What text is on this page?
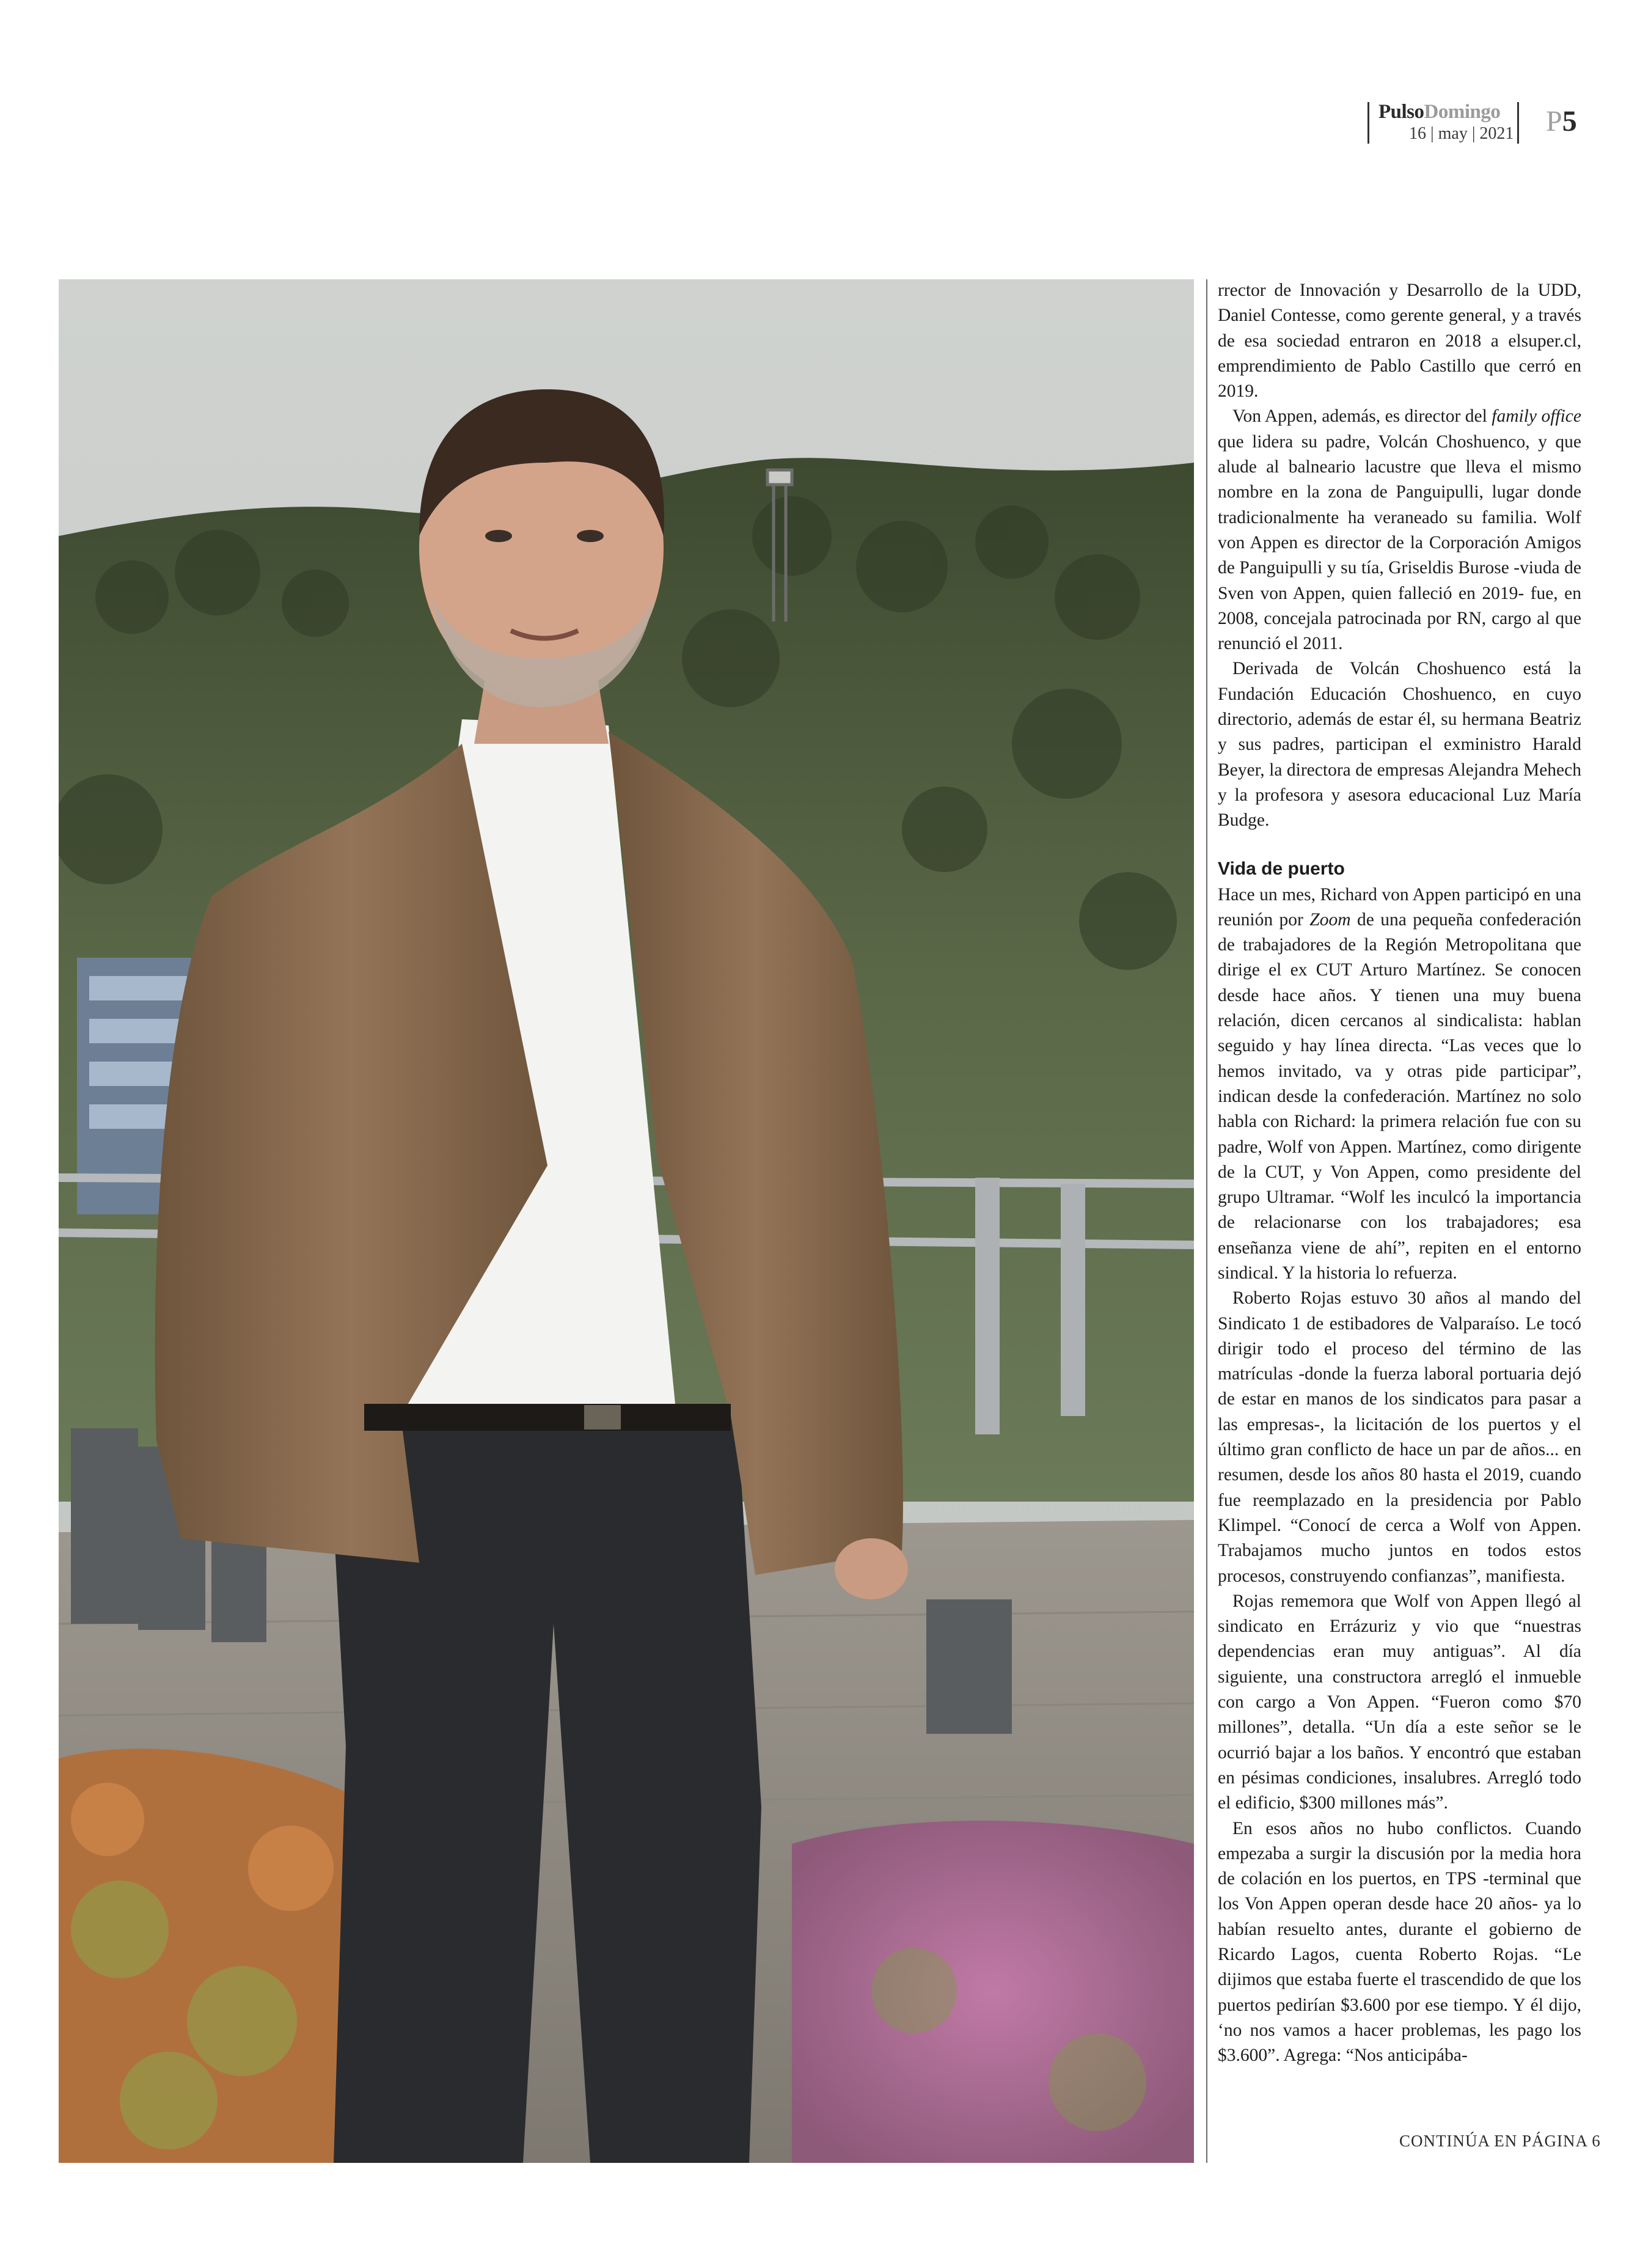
PulsoDomingo
16 | may | 2021 P5

rrector de Innovación y Desarrollo de la UDD, Daniel Contesse, como gerente general, y a través de esa sociedad entraron en 2018 a elsuper.cl, emprendimiento de Pablo Castillo que cerró en 2019.

Von Appen, además, es director del family office que lidera su padre, Volcán Choshuenco, y que alude al balneario lacustre que lleva el mismo nombre en la zona de Panguipulli, lugar donde tradicionalmente ha veraneado su familia. Wolf von Appen es director de la Corporación Amigos de Panguipulli y su tía, Griseldis Burose -viuda de Sven von Appen, quien falleció en 2019- fue, en 2008, concejala patrocinada por RN, cargo al que renunció el 2011.

Derivada de Volcán Choshuenco está la Fundación Educación Choshuenco, en cuyo directorio, además de estar él, su hermana Beatriz y sus padres, participan el exministro Harald Beyer, la directora de empresas Alejandra Mehech y la profesora y asesora educacional Luz María Budge.

Vida de puerto

Hace un mes, Richard von Appen participó en una reunión por Zoom de una pequeña confederación de trabajadores de la Región Metropolitana que dirige el ex CUT Arturo Martínez. Se conocen desde hace años. Y tienen una muy buena relación, dicen cercanos al sindicalista: hablan seguido y hay línea directa. “Las veces que lo hemos invitado, va y otras pide participar”, indican desde la confederación. Martínez no solo habla con Richard: la primera relación fue con su padre, Wolf von Appen. Martínez, como dirigente de la CUT, y Von Appen, como presidente del grupo Ultramar. “Wolf les inculcó la importancia de relacionarse con los trabajadores; esa enseñanza viene de ahí”, repiten en el entorno sindical. Y la historia lo refuerza.

Roberto Rojas estuvo 30 años al mando del Sindicato 1 de estibadores de Valparaíso. Le tocó dirigir todo el proceso del término de las matrículas -donde la fuerza laboral portuaria dejó de estar en manos de los sindicatos para pasar a las empresas-, la licitación de los puertos y el último gran conflicto de hace un par de años... en resumen, desde los años 80 hasta el 2019, cuando fue reemplazado en la presidencia por Pablo Klimpel. “Conocí de cerca a Wolf von Appen. Trabajamos mucho juntos en todos estos procesos, construyendo confianzas”, manifiesta.

Rojas rememora que Wolf von Appen llegó al sindicato en Errázuriz y vio que “nuestras dependencias eran muy antiguas”. Al día siguiente, una constructora arregló el inmueble con cargo a Von Appen. “Fueron como $70 millones”, detalla. “Un día a este señor se le ocurrió bajar a los baños. Y encontró que estaban en pésimas condiciones, insalubres. Arregló todo el edificio, $300 millones más”.

En esos años no hubo conflictos. Cuando empezaba a surgir la discusión por la media hora de colación en los puertos, en TPS -terminal que los Von Appen operan desde hace 20 años- ya lo habían resuelto antes, durante el gobierno de Ricardo Lagos, cuenta Roberto Rojas. “Le dijimos que estaba fuerte el trascendido de que los puertos pedirían $3.600 por ese tiempo. Y él dijo, ‘no nos vamos a hacer problemas, les pago los $3.600”. Agrega: “Nos anticipába-

CONTINÚA EN PÁGINA 6
